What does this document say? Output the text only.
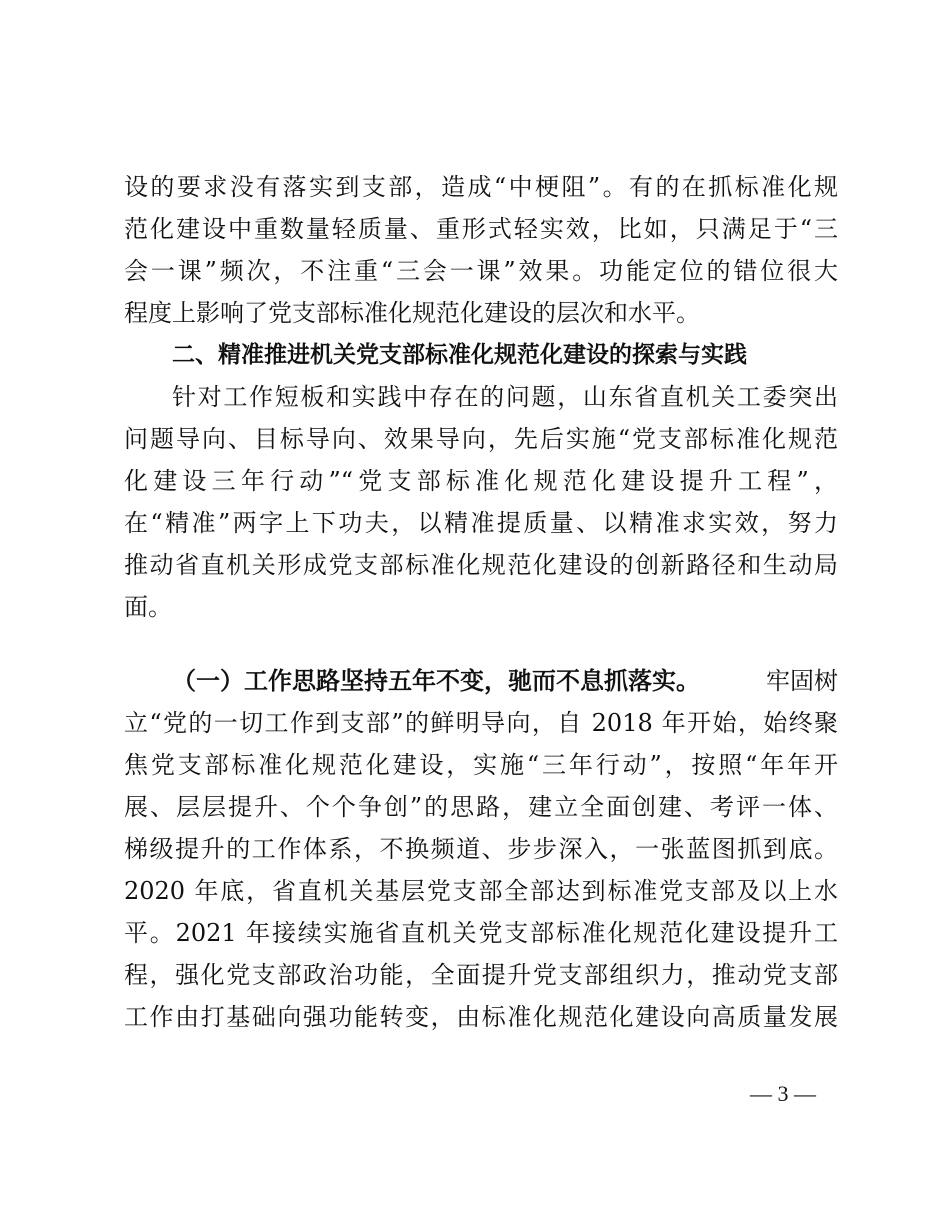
设的要求没有落实到支部，造成“中梗阻”。有的在抓标准化规
范化建设中重数量轻质量、重形式轻实效，比如，只满足于“三
会一课”频次，不注重“三会一课”效果。功能定位的错位很大
程度上影响了党支部标准化规范化建设的层次和水平。
二、精准推进机关党支部标准化规范化建设的探索与实践
针对工作短板和实践中存在的问题，山东省直机关工委突出
问题导向、目标导向、效果导向，先后实施“党支部标准化规范
化建设三年行动”“党支部标准化规范化建设提升工程”，
在“精准”两字上下功夫，以精准提质量、以精准求实效，努力
推动省直机关形成党支部标准化规范化建设的创新路径和生动局
面。
（一）工作思路坚持五年不变，驰而不息抓落实。	牢固树
立“党的一切工作到支部”的鲜明导向，自 2018 年开始，始终聚
焦党支部标准化规范化建设，实施“三年行动”，按照“年年开
展、层层提升、个个争创”的思路，建立全面创建、考评一体、
梯级提升的工作体系，不换频道、步步深入，一张蓝图抓到底。
2020 年底，省直机关基层党支部全部达到标准党支部及以上水
平。2021 年接续实施省直机关党支部标准化规范化建设提升工
程，强化党支部政治功能，全面提升党支部组织力，推动党支部
工作由打基础向强功能转变，由标准化规范化建设向高质量发展
— 3 —
